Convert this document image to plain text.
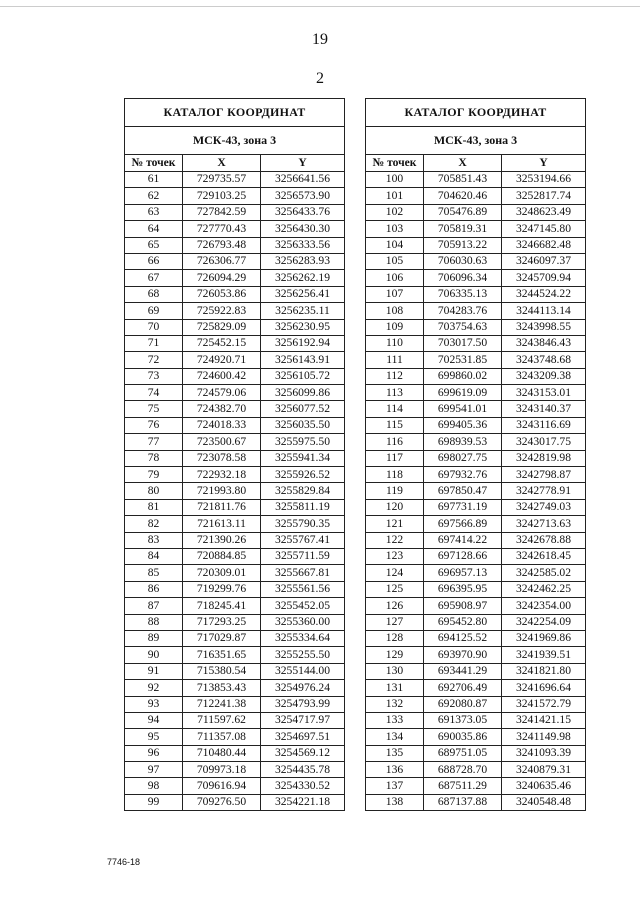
19
2
КАТАЛОГ КООРДИНАТ		
МСК-43, зона 3		
№ точек	X	Y
61	729735.57	3256641.56
62	729103.25	3256573.90
63	727842.59	3256433.76
64	727770.43	3256430.30
65	726793.48	3256333.56
66	726306.77	3256283.93
67	726094.29	3256262.19
68	726053.86	3256256.41
69	725922.83	3256235.11
70	725829.09	3256230.95
71	725452.15	3256192.94
72	724920.71	3256143.91
73	724600.42	3256105.72
74	724579.06	3256099.86
75	724382.70	3256077.52
76	724018.33	3256035.50
77	723500.67	3255975.50
78	723078.58	3255941.34
79	722932.18	3255926.52
80	721993.80	3255829.84
81	721811.76	3255811.19
82	721613.11	3255790.35
83	721390.26	3255767.41
84	720884.85	3255711.59
85	720309.01	3255667.81
86	719299.76	3255561.56
87	718245.41	3255452.05
88	717293.25	3255360.00
89	717029.87	3255334.64
90	716351.65	3255255.50
91	715380.54	3255144.00
92	713853.43	3254976.24
93	712241.38	3254793.99
94	711597.62	3254717.97
95	711357.08	3254697.51
96	710480.44	3254569.12
97	709973.18	3254435.78
98	709616.94	3254330.52
99	709276.50	3254221.18
КАТАЛОГ КООРДИНАТ		
МСК-43, зона 3		
№ точек	X	Y
100	705851.43	3253194.66
101	704620.46	3252817.74
102	705476.89	3248623.49
103	705819.31	3247145.80
104	705913.22	3246682.48
105	706030.63	3246097.37
106	706096.34	3245709.94
107	706335.13	3244524.22
108	704283.76	3244113.14
109	703754.63	3243998.55
110	703017.50	3243846.43
111	702531.85	3243748.68
112	699860.02	3243209.38
113	699619.09	3243153.01
114	699541.01	3243140.37
115	699405.36	3243116.69
116	698939.53	3243017.75
117	698027.75	3242819.98
118	697932.76	3242798.87
119	697850.47	3242778.91
120	697731.19	3242749.03
121	697566.89	3242713.63
122	697414.22	3242678.88
123	697128.66	3242618.45
124	696957.13	3242585.02
125	696395.95	3242462.25
126	695908.97	3242354.00
127	695452.80	3242254.09
128	694125.52	3241969.86
129	693970.90	3241939.51
130	693441.29	3241821.80
131	692706.49	3241696.64
132	692080.87	3241572.79
133	691373.05	3241421.15
134	690035.86	3241149.98
135	689751.05	3241093.39
136	688728.70	3240879.31
137	687511.29	3240635.46
138	687137.88	3240548.48
7746-18
